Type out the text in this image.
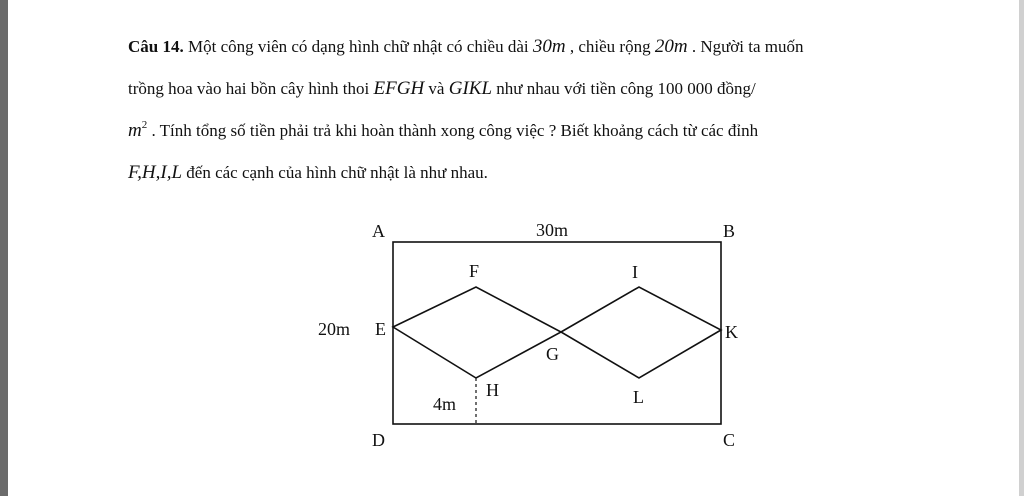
Câu 14. Một công viên có dạng hình chữ nhật có chiều dài 30m , chiều rộng 20m . Người ta muốn

trồng hoa vào hai bồn cây hình thoi EFGH và GIKL như nhau với tiền công 100 000 đồng/

$m^2$ . Tính tổng số tiền phải trả khi hoàn thành xong công việc ? Biết khoảng cách từ các đỉnh

F,H,I,L đến các cạnh của hình chữ nhật là như nhau.

A	B
C
D
E
F
G
H
I
K
L
30m
20m
4m
